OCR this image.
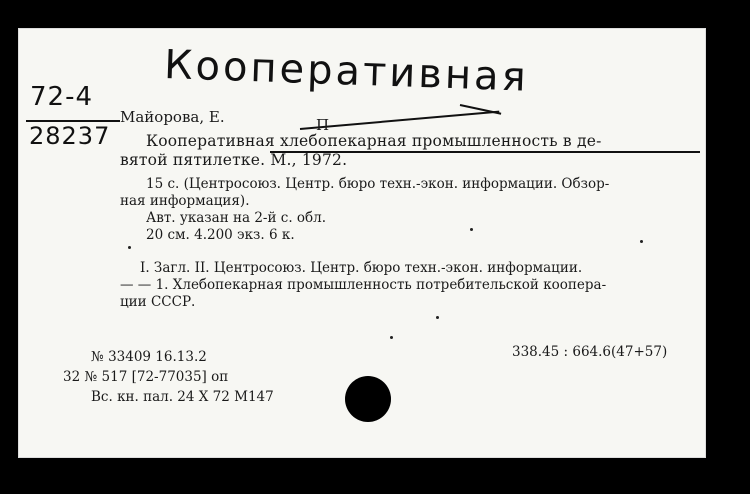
Кооперативная
72-4
28237
Майорова, Е.	П
Кооперативная хлебопекарная промышленность в де-
вятой пятилетке. М., 1972.
15 с. (Центросоюз. Центр. бюро техн.-экон. информации. Обзор-
ная информация).
Авт. указан на 2-й с. обл.
20 см. 4.200 экз. 6 к.
I. Загл. II. Центросоюз. Центр. бюро техн.-экон. информации.
— — 1. Хлебопекарная промышленность потребительской коопера-
ции СССР.
№ 33409 16.13.2
32 № 517 [72-77035] оп
Вс. кн. пал. 24 X 72 М147
338.45 : 664.6(47+57)
